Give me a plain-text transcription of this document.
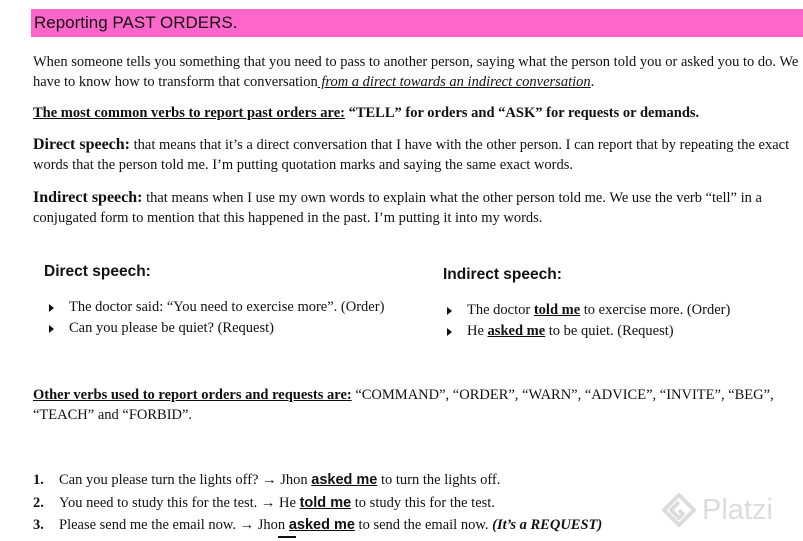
Reporting PAST ORDERS.
When someone tells you something that you need to pass to another person, saying what the person told you or asked you to do. We have to know how to transform that conversation from a direct towards an indirect conversation.
The most common verbs to report past orders are: “TELL” for orders and “ASK” for requests or demands.
Direct speech: that means that it’s a direct conversation that I have with the other person. I can report that by repeating the exact words that the person told me. I’m putting quotation marks and saying the same exact words.
Indirect speech: that means when I use my own words to explain what the other person told me. We use the verb “tell” in a conjugated form to mention that this happened in the past. I’m putting it into my words.
Direct speech:
The doctor said: “You need to exercise more”. (Order)
Can you please be quiet? (Request)
Indirect speech:
The doctor told me to exercise more. (Order)
He asked me to be quiet. (Request)
Other verbs used to report orders and requests are: “COMMAND”, “ORDER”, “WARN”, “ADVICE”, “INVITE”, “BEG”, “TEACH” and “FORBID”.
1. Can you please turn the lights off? → Jhon asked me to turn the lights off.
2. You need to study this for the test. → He told me to study this for the test.
3. Please send me the email now. → Jhon asked me to send the email now. (It’s a REQUEST)	Platzi
